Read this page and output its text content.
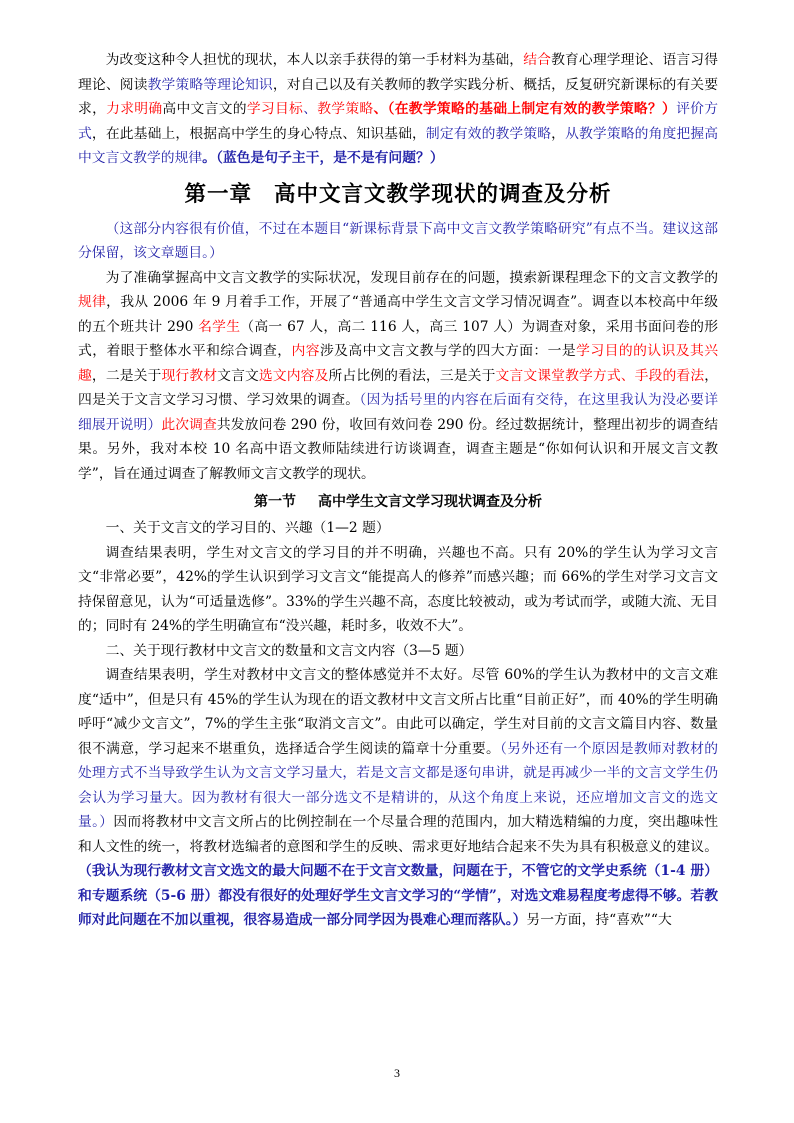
为改变这种令人担忧的现状，本人以亲手获得的第一手材料为基础，结合教育心理学理论、语言习得理论、阅读教学策略等理论知识，对自己以及有关教师的教学实践分析、概括，反复研究新课标的有关要求，力求明确高中文言文的学习目标、教学策略、（在教学策略的基础上制定有效的教学策略？）评价方式，在此基础上，根据高中学生的身心特点、知识基础，制定有效的教学策略，从教学策略的角度把握高中文言文教学的规律。（蓝色是句子主干，是不是有问题？）

第一章 高中文言文教学现状的调查及分析

（这部分内容很有价值，不过在本题目“新课标背景下高中文言文教学策略研究”有点不当。建议这部分保留，该文章题目。）

为了准确掌握高中文言文教学的实际状况，发现目前存在的问题，摸索新课程理念下的文言文教学的规律，我从 2006 年 9 月着手工作，开展了“普通高中学生文言文学习情况调查”。调查以本校高中年级的五个班共计 290 名学生（高一 67 人，高二 116 人，高三 107 人）为调查对象，采用书面问卷的形式，着眼于整体水平和综合调查，内容涉及高中文言文教与学的四大方面：一是学习目的的认识及其兴趣，二是关于现行教材文言文选文内容及所占比例的看法，三是关于文言文课堂教学方式、手段的看法，四是关于文言文学习习惯、学习效果的调查。（因为括号里的内容在后面有交待，在这里我认为没必要详细展开说明）此次调查共发放问卷 290 份，收回有效问卷 290 份。经过数据统计，整理出初步的调查结果。另外，我对本校 10 名高中语文教师陆续进行访谈调查，调查主题是“你如何认识和开展文言文教学”，旨在通过调查了解教师文言文教学的现状。

第一节 高中学生文言文学习现状调查及分析

一、关于文言文的学习目的、兴趣（1—2 题）

调查结果表明，学生对文言文的学习目的并不明确，兴趣也不高。只有 20%的学生认为学习文言文“非常必要”，42%的学生认识到学习文言文“能提高人的修养”而感兴趣；而 66%的学生对学习文言文持保留意见，认为“可适量选修”。33%的学生兴趣不高，态度比较被动，或为考试而学，或随大流、无目的；同时有 24%的学生明确宣布“没兴趣，耗时多，收效不大”。

二、关于现行教材中文言文的数量和文言文内容（3—5 题）

调查结果表明，学生对教材中文言文的整体感觉并不太好。尽管 60%的学生认为教材中的文言文难度“适中”，但是只有 45%的学生认为现在的语文教材中文言文所占比重“目前正好”，而 40%的学生明确呼吁“减少文言文”，7%的学生主张“取消文言文”。由此可以确定，学生对目前的文言文篇目内容、数量很不满意，学习起来不堪重负，选择适合学生阅读的篇章十分重要。（另外还有一个原因是教师对教材的处理方式不当导致学生认为文言文学习量大，若是文言文都是逐句串讲，就是再减少一半的文言文学生仍会认为学习量大。因为教材有很大一部分选文不是精讲的，从这个角度上来说，还应增加文言文的选文量。）因而将教材中文言文所占的比例控制在一个尽量合理的范围内，加大精选精编的力度，突出趣味性和人文性的统一，将教材选编者的意图和学生的反映、需求更好地结合起来不失为具有积极意义的建议。（我认为现行教材文言文选文的最大问题不在于文言文数量，问题在于，不管它的文学史系统（1-4 册）和专题系统（5-6 册）都没有很好的处理好学生文言文学习的“学情”，对选文难易程度考虑得不够。若教师对此问题在不加以重视，很容易造成一部分同学因为畏难心理而落队。）另一方面，持“喜欢”“大

3
